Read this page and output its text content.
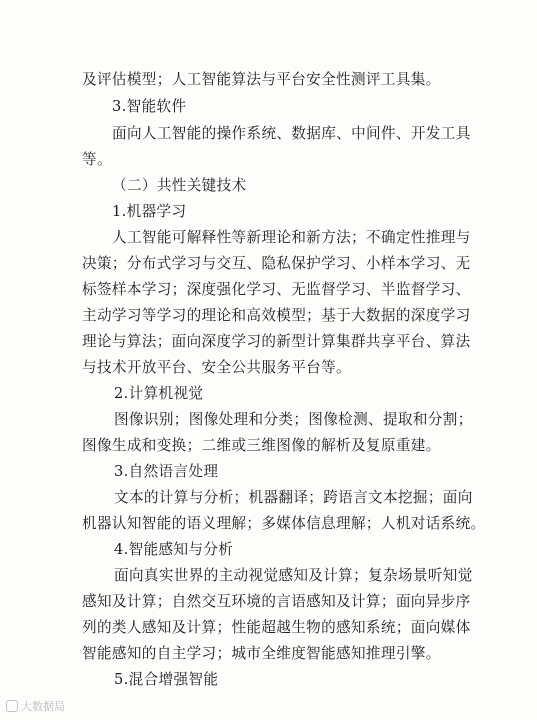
及评估模型；人工智能算法与平台安全性测评工具集。
3.智能软件
面向人工智能的操作系统、数据库、中间件、开发工具
等。
（二）共性关键技术
1.机器学习
人工智能可解释性等新理论和新方法；不确定性推理与
决策；分布式学习与交互、隐私保护学习、小样本学习、无
标签样本学习；深度强化学习、无监督学习、半监督学习、
主动学习等学习的理论和高效模型；基于大数据的深度学习
理论与算法；面向深度学习的新型计算集群共享平台、算法
与技术开放平台、安全公共服务平台等。
2.计算机视觉
图像识别；图像处理和分类；图像检测、提取和分割；
图像生成和变换；二维或三维图像的解析及复原重建。
3.自然语言处理
文本的计算与分析；机器翻译；跨语言文本挖掘；面向
机器认知智能的语义理解；多媒体信息理解；人机对话系统。
4.智能感知与分析
面向真实世界的主动视觉感知及计算；复杂场景听知觉
感知及计算；自然交互环境的言语感知及计算；面向异步序
列的类人感知及计算；性能超越生物的感知系统；面向媒体
智能感知的自主学习；城市全维度智能感知推理引擎。
5.混合增强智能
大数据局
